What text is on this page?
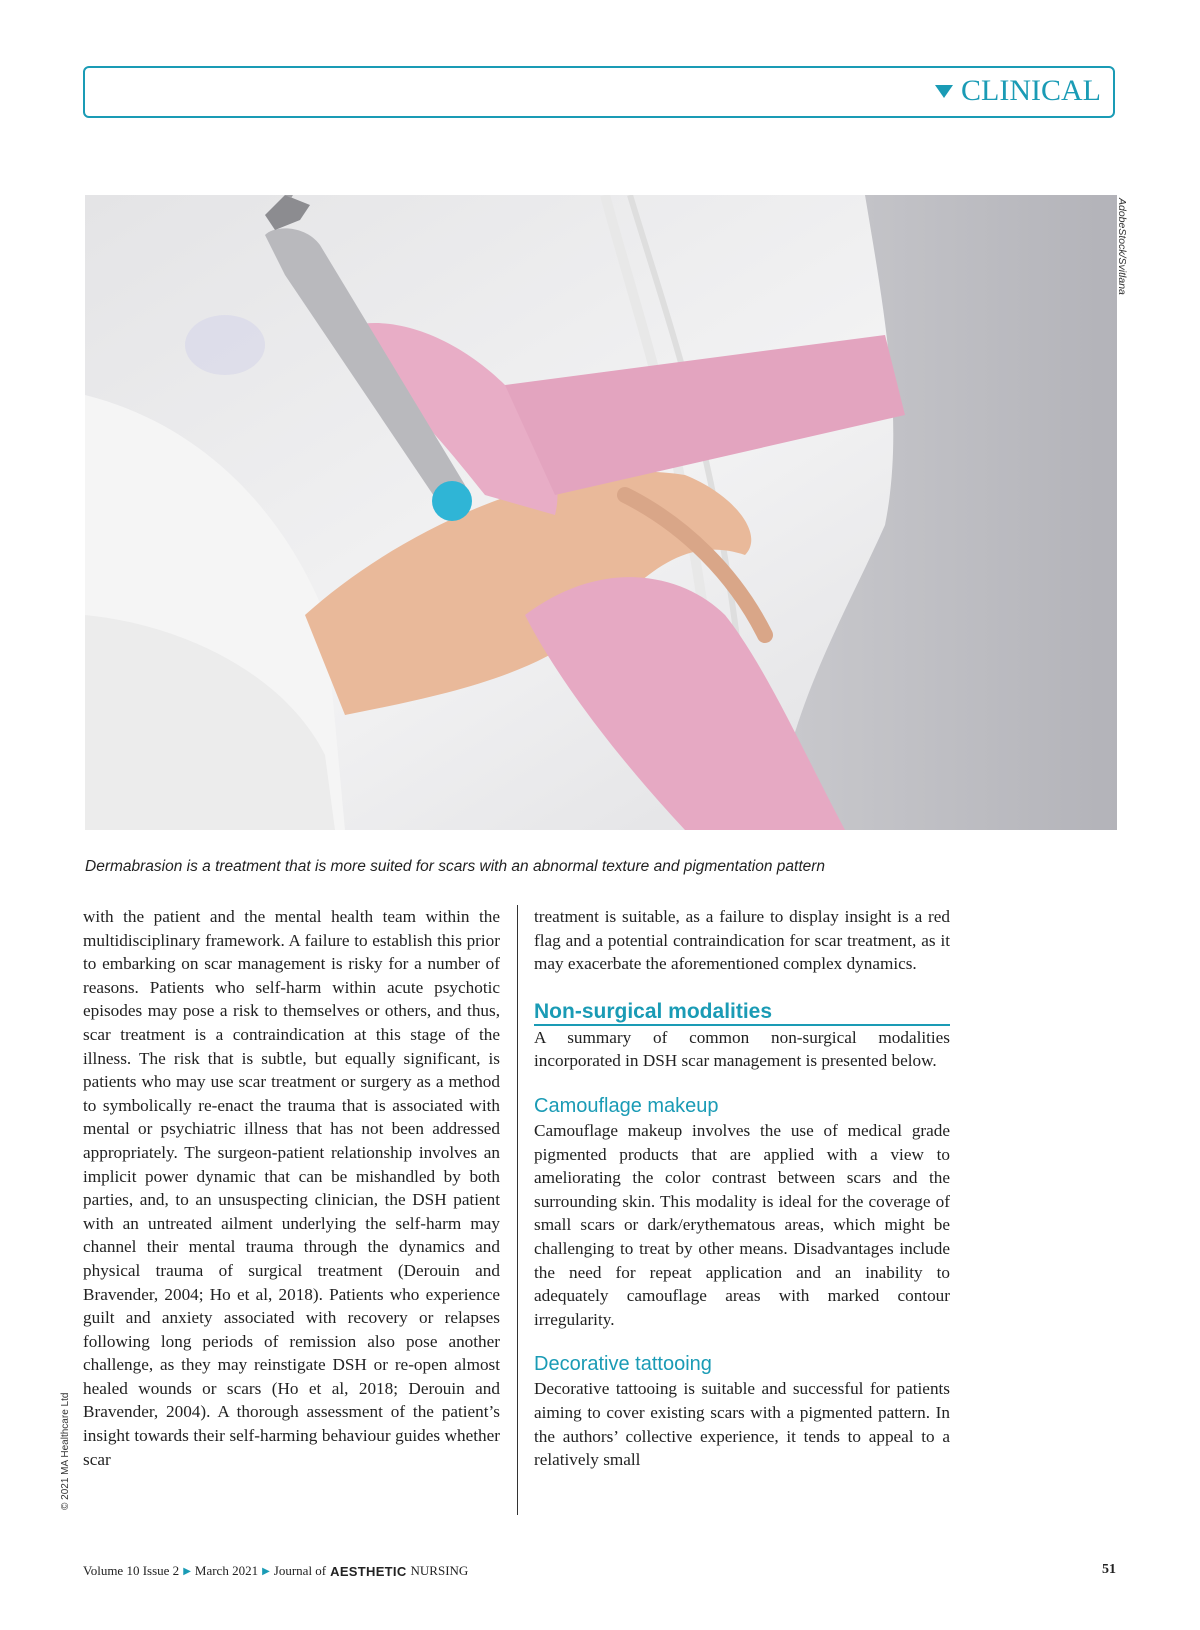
CLINICAL
AdobeStock/Svitlana
Dermabrasion is a treatment that is more suited for scars with an abnormal texture and pigmentation pattern

with the patient and the mental health team within the multidisciplinary framework. A failure to establish this prior to embarking on scar management is risky for a number of reasons. Patients who self-harm within acute psychotic episodes may pose a risk to themselves or others, and thus, scar treatment is a contraindication at this stage of the illness. The risk that is subtle, but equally significant, is patients who may use scar treatment or surgery as a method to symbolically re-enact the trauma that is associated with mental or psychiatric illness that has not been addressed appropriately. The surgeon-patient relationship involves an implicit power dynamic that can be mishandled by both parties, and, to an unsuspecting clinician, the DSH patient with an untreated ailment underlying the self-harm may channel their mental trauma through the dynamics and physical trauma of surgical treatment (Derouin and Bravender, 2004; Ho et al, 2018). Patients who experience guilt and anxiety associated with recovery or relapses following long periods of remission also pose another challenge, as they may reinstigate DSH or re-open almost healed wounds or scars (Ho et al, 2018; Derouin and Bravender, 2004). A thorough assessment of the patient’s insight towards their self-harming behaviour guides whether scar

treatment is suitable, as a failure to display insight is a red flag and a potential contraindication for scar treatment, as it may exacerbate the aforementioned complex dynamics.

Non-surgical modalities

A summary of common non-surgical modalities incorporated in DSH scar management is presented below.

Camouflage makeup

Camouflage makeup involves the use of medical grade pigmented products that are applied with a view to ameliorating the color contrast between scars and the surrounding skin. This modality is ideal for the coverage of small scars or dark/erythematous areas, which might be challenging to treat by other means. Disadvantages include the need for repeat application and an inability to adequately camouflage areas with marked contour irregularity.

Decorative tattooing

Decorative tattooing is suitable and successful for patients aiming to cover existing scars with a pigmented pattern. In the authors’ collective experience, it tends to appeal to a relatively small

© 2021 MA Healthcare Ltd
Volume 10 Issue 2 ▶ March 2021 ▶ Journal of AESTHETIC NURSING	51
